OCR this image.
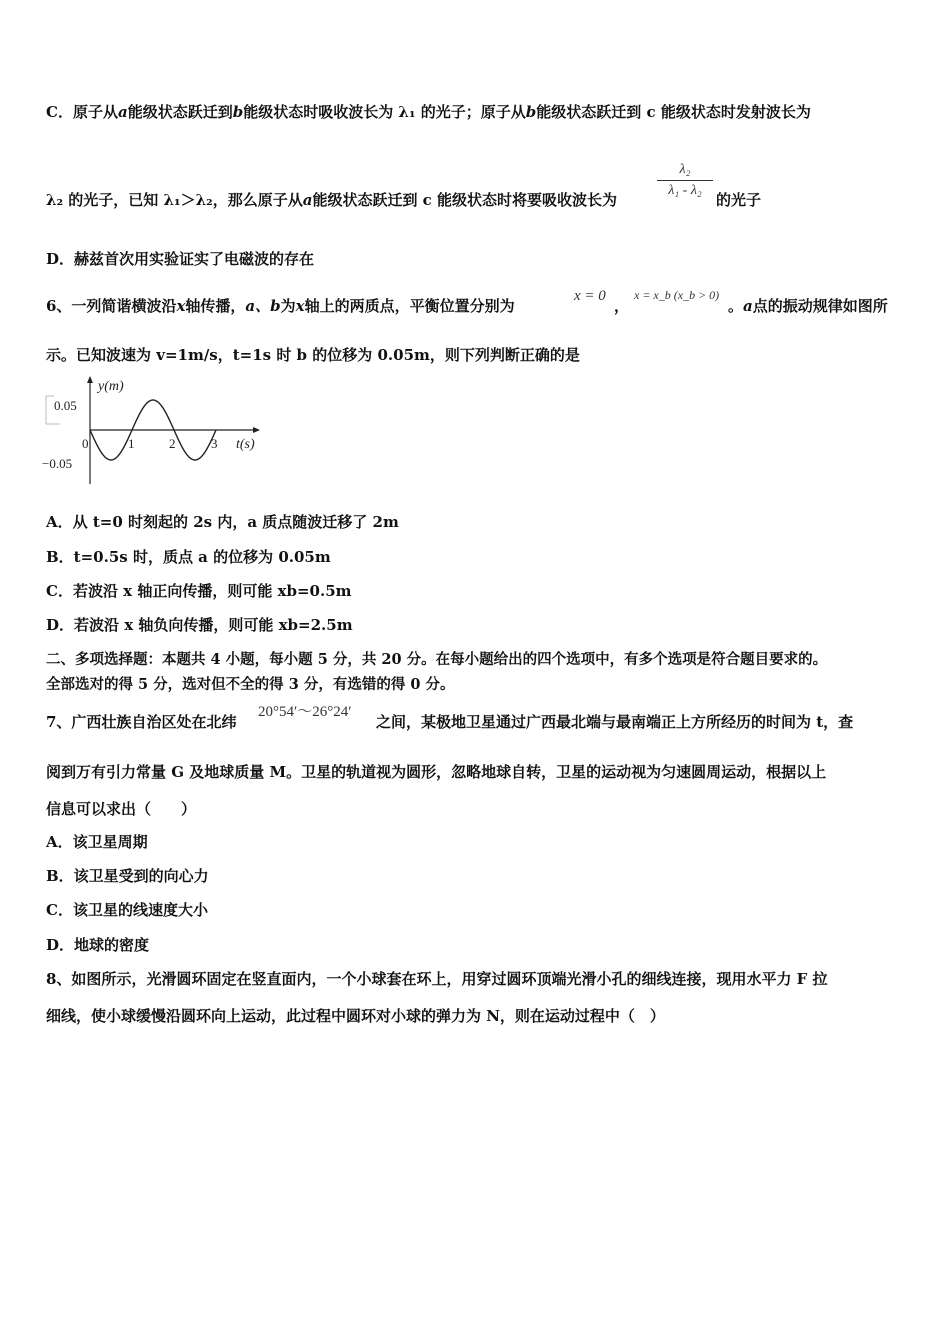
C．原子从a能级状态跃迁到b能级状态时吸收波长为 λ₁ 的光子；原子从b能级状态跃迁到 c 能级状态时发射波长为
λ₂ 的光子，已知 λ₁＞λ₂，那么原子从a能级状态跃迁到 c 能级状态时将要吸收波长为
λ₂
λ₁ - λ₂
的光子
D．赫兹首次用实验证实了电磁波的存在
6、一列简谐横波沿x轴传播，a、b为x轴上的两质点，平衡位置分别为
x = 0
，
x = x_b (x_b > 0)
。a点的振动规律如图所
示。已知波速为 v=1m/s，t=1s 时 b 的位移为 0.05m，则下列判断正确的是
y(m)
t(s)
0.05
−0.05
0	1	2	3
A．从 t=0 时刻起的 2s 内，a 质点随波迁移了 2m
B．t=0.5s 时，质点 a 的位移为 0.05m
C．若波沿 x 轴正向传播，则可能 xb=0.5m
D．若波沿 x 轴负向传播，则可能 xb=2.5m
二、多项选择题：本题共 4 小题，每小题 5 分，共 20 分。在每小题给出的四个选项中，有多个选项是符合题目要求的。
全部选对的得 5 分，选对但不全的得 3 分，有选错的得 0 分。
7、广西壮族自治区处在北纬
20°54′～26°24′
之间，某极地卫星通过广西最北端与最南端正上方所经历的时间为 t，查
阅到万有引力常量 G 及地球质量 M。卫星的轨道视为圆形，忽略地球自转，卫星的运动视为匀速圆周运动，根据以上
信息可以求出（　　）
A．该卫星周期
B．该卫星受到的向心力
C．该卫星的线速度大小
D．地球的密度
8、如图所示，光滑圆环固定在竖直面内，一个小球套在环上，用穿过圆环顶端光滑小孔的细线连接，现用水平力 F 拉
细线，使小球缓慢沿圆环向上运动，此过程中圆环对小球的弹力为 N，则在运动过程中（　）
